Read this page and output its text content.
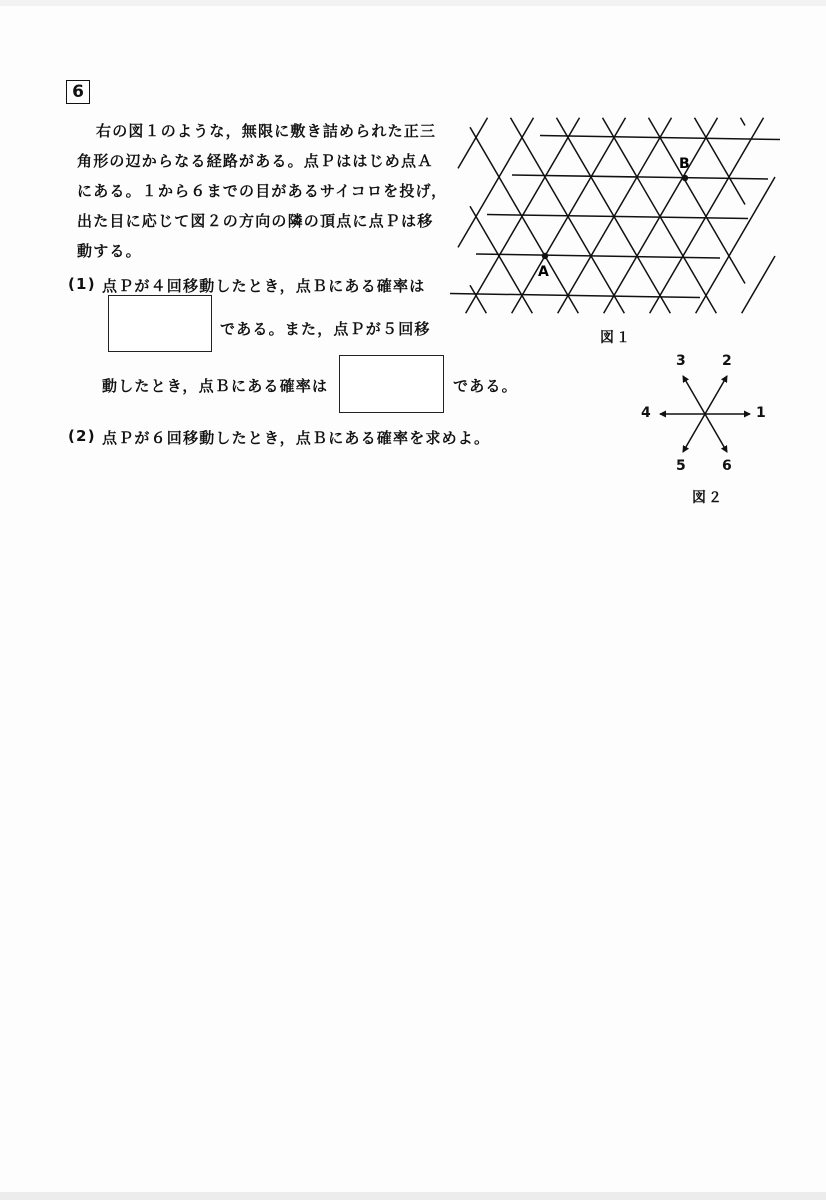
6
右の図１のような，無限に敷き詰められた正三
角形の辺からなる経路がある。点Ｐははじめ点Ａ
にある。１から６までの目があるサイコロを投げ，
出た目に応じて図２の方向の隣の頂点に点Ｐは移
動する。
(1) 点Ｐが４回移動したとき，点Ｂにある確率は
である。また，点Ｐが５回移
動したとき，点Ｂにある確率は	である。
(2) 点Ｐが６回移動したとき，点Ｂにある確率を求めよ。
A
B
図１
1
2
3
4
5 6
図２
